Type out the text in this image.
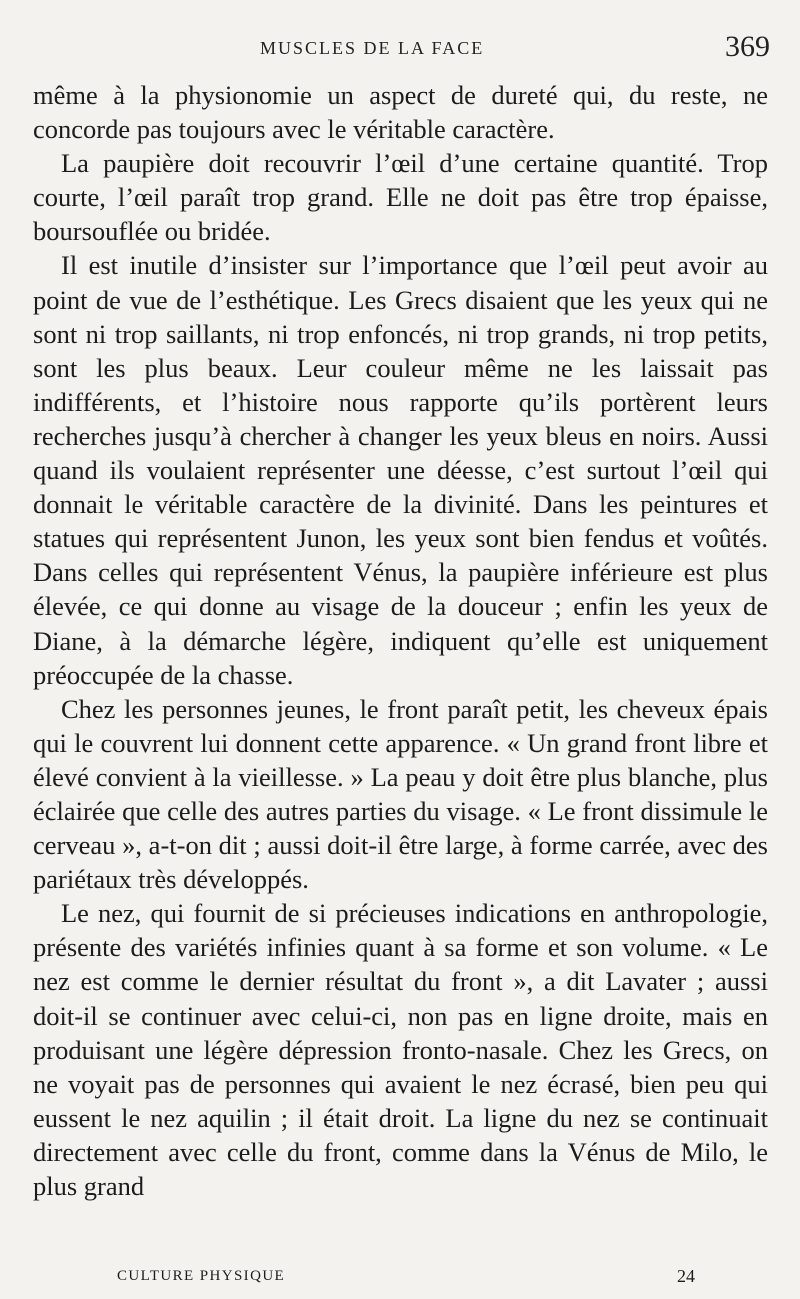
MUSCLES DE LA FACE	369

même à la physionomie un aspect de dureté qui, du reste, ne concorde pas toujours avec le véritable caractère.

La paupière doit recouvrir l’œil d’une certaine quantité. Trop courte, l’œil paraît trop grand. Elle ne doit pas être trop épaisse, boursouflée ou bridée.

Il est inutile d’insister sur l’importance que l’œil peut avoir au point de vue de l’esthétique. Les Grecs disaient que les yeux qui ne sont ni trop saillants, ni trop enfoncés, ni trop grands, ni trop petits, sont les plus beaux. Leur couleur même ne les laissait pas indifférents, et l’histoire nous rapporte qu’ils portèrent leurs recherches jusqu’à chercher à changer les yeux bleus en noirs. Aussi quand ils voulaient représenter une déesse, c’est surtout l’œil qui donnait le véritable caractère de la divinité. Dans les peintures et statues qui représentent Junon, les yeux sont bien fendus et voûtés. Dans celles qui représentent Vénus, la paupière inférieure est plus élevée, ce qui donne au visage de la douceur ; enfin les yeux de Diane, à la démarche légère, indiquent qu’elle est uniquement préoccupée de la chasse.

Chez les personnes jeunes, le front paraît petit, les cheveux épais qui le couvrent lui donnent cette apparence. « Un grand front libre et élevé convient à la vieillesse. » La peau y doit être plus blanche, plus éclairée que celle des autres parties du visage. « Le front dissimule le cerveau », a-t-on dit ; aussi doit-il être large, à forme carrée, avec des pariétaux très développés.

Le nez, qui fournit de si précieuses indications en anthropologie, présente des variétés infinies quant à sa forme et son volume. « Le nez est comme le dernier résultat du front », a dit Lavater ; aussi doit-il se continuer avec celui-ci, non pas en ligne droite, mais en produisant une légère dépression fronto-nasale. Chez les Grecs, on ne voyait pas de personnes qui avaient le nez écrasé, bien peu qui eussent le nez aquilin ; il était droit. La ligne du nez se continuait directement avec celle du front, comme dans la Vénus de Milo, le plus grand

CULTURE PHYSIQUE	24
